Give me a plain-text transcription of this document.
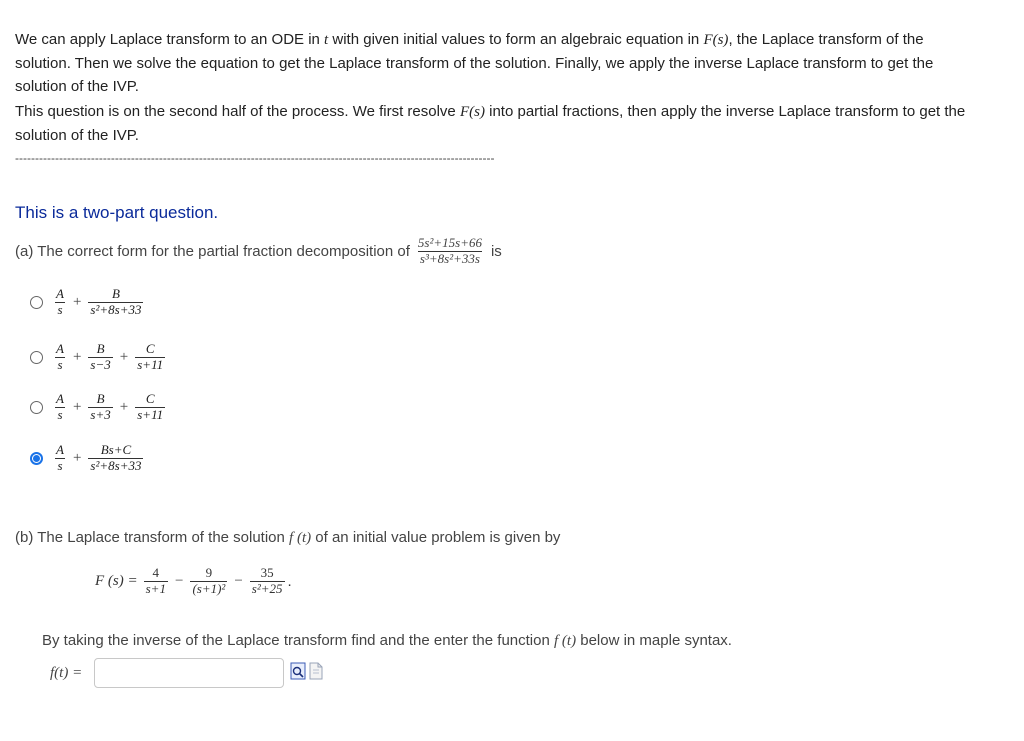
We can apply Laplace transform to an ODE in t with given initial values to form an algebraic equation in F(s), the Laplace transform of the solution. Then we solve the equation to get the Laplace transform of the solution. Finally, we apply the inverse Laplace transform to get the solution of the IVP.

This question is on the second half of the process. We first resolve F(s) into partial fractions, then apply the inverse Laplace transform to get the solution of the IVP.

------------------------------------------------------------------------------------------------------------------------
This is a two-part question.
(a) The correct form for the partial fraction decomposition of $\frac{\text{5s²+15s+66}}{\text{s³+8s²+33s}}$ is
$\frac{A}{s} + \frac{B}{\text{s²+8s+33}}$
$\frac{A}{s} + \frac{B}{s-3} + \frac{C}{s+11}$
$\frac{A}{s} + \frac{B}{s+3} + \frac{C}{s+11}$
$\frac{A}{s} + \frac{Bs+C}{\text{s²+8s+33}}$

(b) The Laplace transform of the solution f (t) of an initial value problem is given by

F $(s) = \frac{4}{s+1} - \frac{9}{\text{(s+1)²}} - \frac{35}{\text{s²+25}}$ .

By taking the inverse of the Laplace transform find and the enter the function f (t) below in maple syntax.

f(t) =
